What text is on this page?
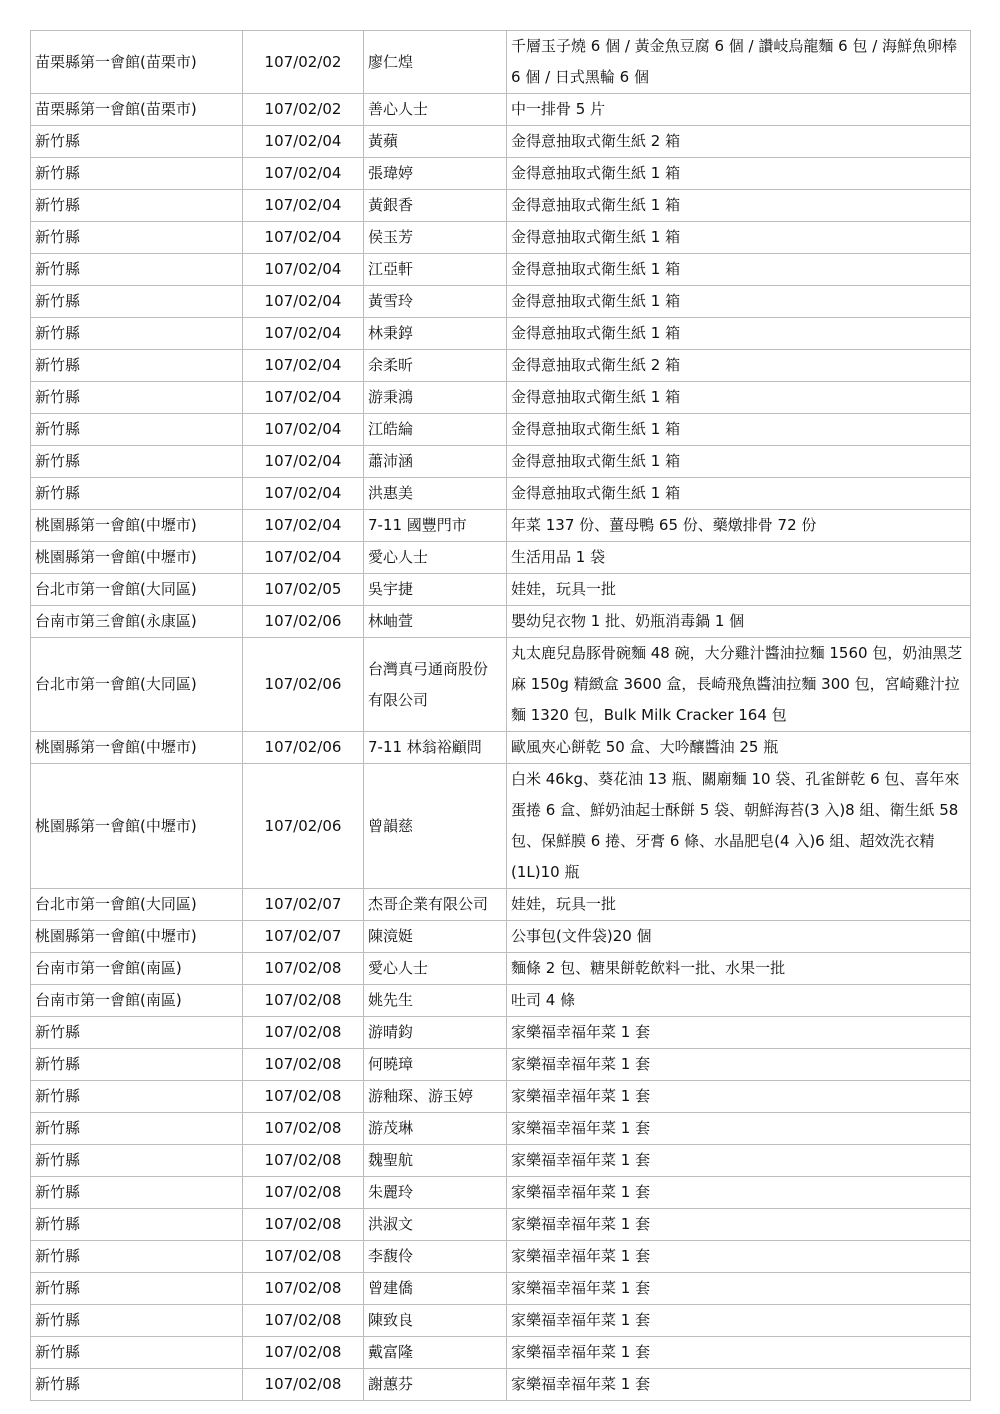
苗栗縣第一會館(苗栗市)	107/02/02	廖仁煌	千層玉子燒 6 個 / 黃金魚豆腐 6 個 / 讚岐烏龍麵 6 包 / 海鮮魚卵棒 6 個 / 日式黑輪 6 個
苗栗縣第一會館(苗栗市)	107/02/02	善心人士	中一排骨 5 片
新竹縣	107/02/04	黃蘋	金得意抽取式衛生紙 2 箱
新竹縣	107/02/04	張瑋婷	金得意抽取式衛生紙 1 箱
新竹縣	107/02/04	黃銀香	金得意抽取式衛生紙 1 箱
新竹縣	107/02/04	侯玉芳	金得意抽取式衛生紙 1 箱
新竹縣	107/02/04	江亞軒	金得意抽取式衛生紙 1 箱
新竹縣	107/02/04	黃雪玲	金得意抽取式衛生紙 1 箱
新竹縣	107/02/04	林秉錞	金得意抽取式衛生紙 1 箱
新竹縣	107/02/04	余柔昕	金得意抽取式衛生紙 2 箱
新竹縣	107/02/04	游秉鴻	金得意抽取式衛生紙 1 箱
新竹縣	107/02/04	江皓綸	金得意抽取式衛生紙 1 箱
新竹縣	107/02/04	蕭沛涵	金得意抽取式衛生紙 1 箱
新竹縣	107/02/04	洪惠美	金得意抽取式衛生紙 1 箱
桃園縣第一會館(中壢市)	107/02/04	7-11 國豐門市	年菜 137 份、薑母鴨 65 份、藥燉排骨 72 份
桃園縣第一會館(中壢市)	107/02/04	愛心人士	生活用品 1 袋
台北市第一會館(大同區)	107/02/05	吳宇捷	娃娃，玩具一批
台南市第三會館(永康區)	107/02/06	林岫萱	嬰幼兒衣物 1 批、奶瓶消毒鍋 1 個
台北市第一會館(大同區)	107/02/06	台灣真弓通商股份有限公司	丸太鹿兒島豚骨碗麵 48 碗，大分雞汁醬油拉麵 1560 包，奶油黑芝麻 150g 精緻盒 3600 盒，長崎飛魚醬油拉麵 300 包，宮崎雞汁拉麵 1320 包，Bulk Milk Cracker 164 包
桃園縣第一會館(中壢市)	107/02/06	7-11 林翁裕顧問	歐風夾心餅乾 50 盒、大吟釀醬油 25 瓶
桃園縣第一會館(中壢市)	107/02/06	曾韻慈	白米 46kg、葵花油 13 瓶、關廟麵 10 袋、孔雀餅乾 6 包、喜年來蛋捲 6 盒、鮮奶油起士酥餅 5 袋、朝鮮海苔(3 入)8 組、衛生紙 58 包、保鮮膜 6 捲、牙膏 6 條、水晶肥皂(4 入)6 組、超效洗衣精(1L)10 瓶
台北市第一會館(大同區)	107/02/07	杰哥企業有限公司	娃娃，玩具一批
桃園縣第一會館(中壢市)	107/02/07	陳滰娗	公事包(文件袋)20 個
台南市第一會館(南區)	107/02/08	愛心人士	麵條 2 包、糖果餅乾飲料一批、水果一批
台南市第一會館(南區)	107/02/08	姚先生	吐司 4 條
新竹縣	107/02/08	游晴鈞	家樂福幸福年菜 1 套
新竹縣	107/02/08	何曉璋	家樂福幸福年菜 1 套
新竹縣	107/02/08	游釉琛、游玉婷	家樂福幸福年菜 1 套
新竹縣	107/02/08	游茂琳	家樂福幸福年菜 1 套
新竹縣	107/02/08	魏聖航	家樂福幸福年菜 1 套
新竹縣	107/02/08	朱麗玲	家樂福幸福年菜 1 套
新竹縣	107/02/08	洪淑文	家樂福幸福年菜 1 套
新竹縣	107/02/08	李馥伶	家樂福幸福年菜 1 套
新竹縣	107/02/08	曾建僑	家樂福幸福年菜 1 套
新竹縣	107/02/08	陳致良	家樂福幸福年菜 1 套
新竹縣	107/02/08	戴富隆	家樂福幸福年菜 1 套
新竹縣	107/02/08	謝蕙芬	家樂福幸福年菜 1 套
